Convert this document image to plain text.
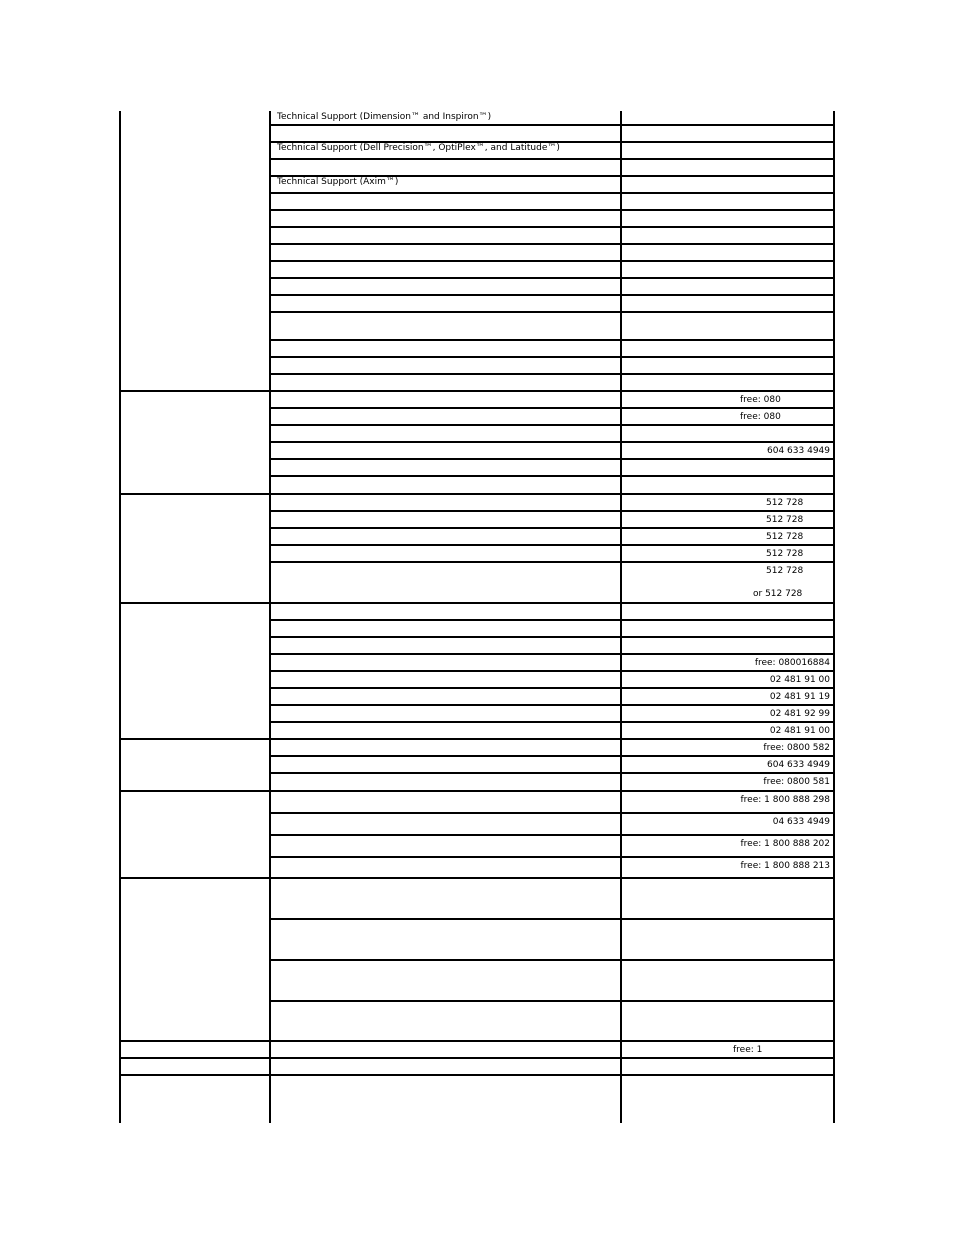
Technical Support (Dimension™ and Inspiron™)
Technical Support (Dell Precision™, OptiPlex™, and Latitude™)
Technical Support (Axim™)
free: 080
free: 080
604 633 4949
512 728
512 728
512 728
512 728
512 728
or 512 728
free: 080016884
02 481 91 00
02 481 91 19
02 481 92 99
02 481 91 00
free: 0800 582
604 633 4949
free: 0800 581
free: 1 800 888 298
04 633 4949
free: 1 800 888 202
free: 1 800 888 213
free: 1
